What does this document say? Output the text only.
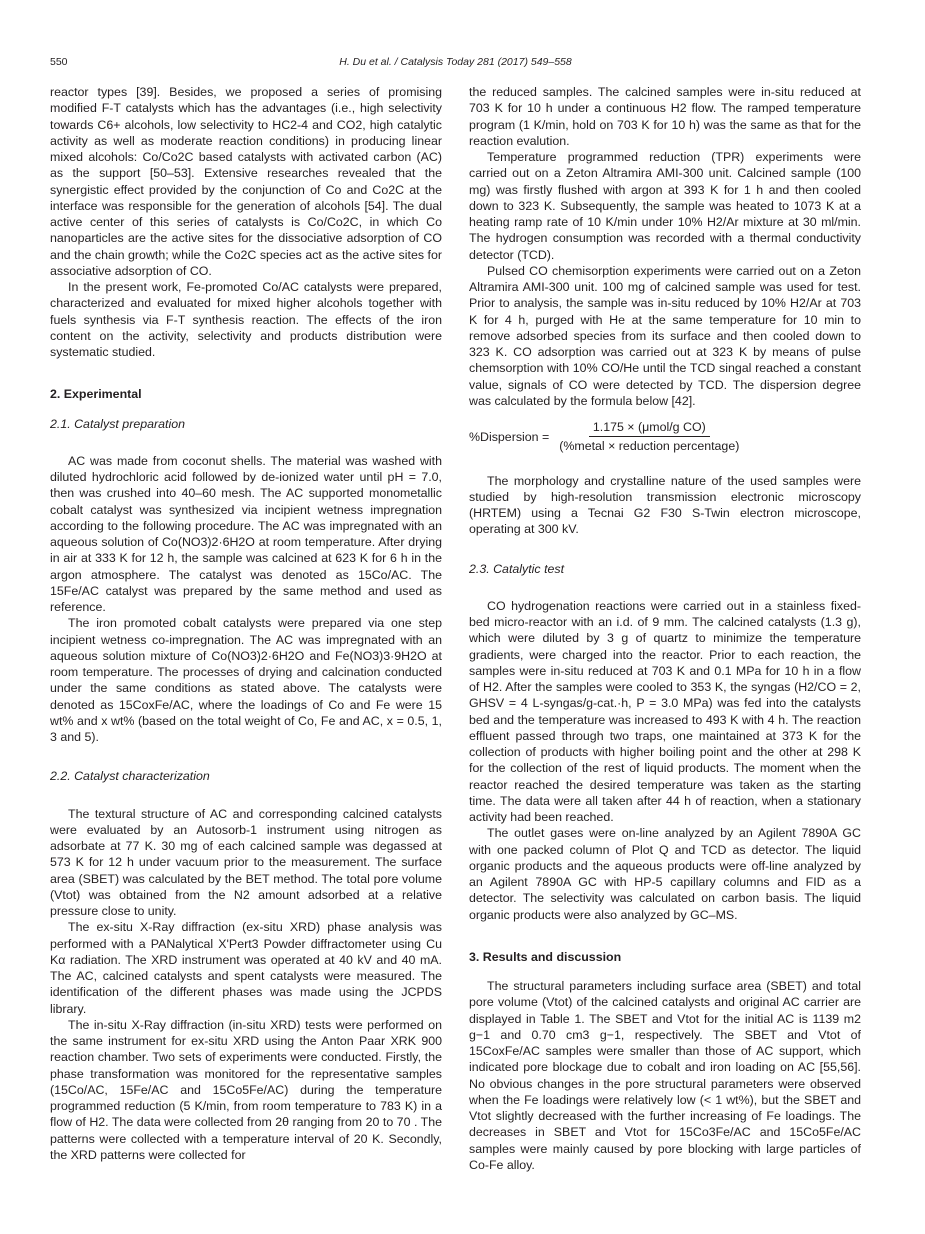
550	H. Du et al. / Catalysis Today 281 (2017) 549–558

reactor types [39]. Besides, we proposed a series of promising modified F-T catalysts which has the advantages (i.e., high selectivity towards C6+ alcohols, low selectivity to HC2-4 and CO2, high catalytic activity as well as moderate reaction conditions) in producing linear mixed alcohols: Co/Co2C based catalysts with activated carbon (AC) as the support [50–53]. Extensive researches revealed that the synergistic effect provided by the conjunction of Co and Co2C at the interface was responsible for the generation of alcohols [54]. The dual active center of this series of catalysts is Co/Co2C, in which Co nanoparticles are the active sites for the dissociative adsorption of CO and the chain growth; while the Co2C species act as the active sites for associative adsorption of CO.

In the present work, Fe-promoted Co/AC catalysts were prepared, characterized and evaluated for mixed higher alcohols together with fuels synthesis via F-T synthesis reaction. The effects of the iron content on the activity, selectivity and products distribution were systematic studied.

2. Experimental
2.1. Catalyst preparation

AC was made from coconut shells. The material was washed with diluted hydrochloric acid followed by de-ionized water until pH = 7.0, then was crushed into 40–60 mesh. The AC supported monometallic cobalt catalyst was synthesized via incipient wetness impregnation according to the following procedure. The AC was impregnated with an aqueous solution of Co(NO3)2·6H2O at room temperature. After drying in air at 333 K for 12 h, the sample was calcined at 623 K for 6 h in the argon atmosphere. The catalyst was denoted as 15Co/AC. The 15Fe/AC catalyst was prepared by the same method and used as reference.

The iron promoted cobalt catalysts were prepared via one step incipient wetness co-impregnation. The AC was impregnated with an aqueous solution mixture of Co(NO3)2·6H2O and Fe(NO3)3·9H2O at room temperature. The processes of drying and calcination conducted under the same conditions as stated above. The catalysts were denoted as 15CoxFe/AC, where the loadings of Co and Fe were 15 wt% and x wt% (based on the total weight of Co, Fe and AC, x = 0.5, 1, 3 and 5).

2.2. Catalyst characterization

The textural structure of AC and corresponding calcined catalysts were evaluated by an Autosorb-1 instrument using nitrogen as adsorbate at 77 K. 30 mg of each calcined sample was degassed at 573 K for 12 h under vacuum prior to the measurement. The surface area (SBET) was calculated by the BET method. The total pore volume (Vtot) was obtained from the N2 amount adsorbed at a relative pressure close to unity.

The ex-situ X-Ray diffraction (ex-situ XRD) phase analysis was performed with a PANalytical X'Pert3 Powder diffractometer using Cu Kα radiation. The XRD instrument was operated at 40 kV and 40 mA. The AC, calcined catalysts and spent catalysts were measured. The identification of the different phases was made using the JCPDS library.

The in-situ X-Ray diffraction (in-situ XRD) tests were performed on the same instrument for ex-situ XRD using the Anton Paar XRK 900 reaction chamber. Two sets of experiments were conducted. Firstly, the phase transformation was monitored for the representative samples (15Co/AC, 15Fe/AC and 15Co5Fe/AC) during the temperature programmed reduction (5 K/min, from room temperature to 783 K) in a flow of H2. The data were collected from 2θ ranging from 20 to 70 . The patterns were collected with a temperature interval of 20 K. Secondly, the XRD patterns were collected for

the reduced samples. The calcined samples were in-situ reduced at 703 K for 10 h under a continuous H2 flow. The ramped temperature program (1 K/min, hold on 703 K for 10 h) was the same as that for the reaction evalution.

Temperature programmed reduction (TPR) experiments were carried out on a Zeton Altramira AMI-300 unit. Calcined sample (100 mg) was firstly flushed with argon at 393 K for 1 h and then cooled down to 323 K. Subsequently, the sample was heated to 1073 K at a heating ramp rate of 10 K/min under 10% H2/Ar mixture at 30 ml/min. The hydrogen consumption was recorded with a thermal conductivity detector (TCD).

Pulsed CO chemisorption experiments were carried out on a Zeton Altramira AMI-300 unit. 100 mg of calcined sample was used for test. Prior to analysis, the sample was in-situ reduced by 10% H2/Ar at 703 K for 4 h, purged with He at the same temperature for 10 min to remove adsorbed species from its surface and then cooled down to 323 K. CO adsorption was carried out at 323 K by means of pulse chemsorption with 10% CO/He until the TCD singal reached a constant value, signals of CO were detected by TCD. The dispersion degree was calculated by the formula below [42].

%Dispersion = $\frac{\text{1.175 × (μmol/g CO)}}{\text{(\%metal × reduction percentage)}}$

The morphology and crystalline nature of the used samples were studied by high-resolution transmission electronic microscopy (HRTEM) using a Tecnai G2 F30 S-Twin electron microscope, operating at 300 kV.

2.3. Catalytic test

CO hydrogenation reactions were carried out in a stainless fixed-bed micro-reactor with an i.d. of 9 mm. The calcined catalysts (1.3 g), which were diluted by 3 g of quartz to minimize the temperature gradients, were charged into the reactor. Prior to each reaction, the samples were in-situ reduced at 703 K and 0.1 MPa for 10 h in a flow of H2. After the samples were cooled to 353 K, the syngas (H2/CO = 2, GHSV = 4 L-syngas/g-cat.·h, P = 3.0 MPa) was fed into the catalysts bed and the temperature was increased to 493 K with 4 h. The reaction effluent passed through two traps, one maintained at 373 K for the collection of products with higher boiling point and the other at 298 K for the collection of the rest of liquid products. The moment when the reactor reached the desired temperature was taken as the starting time. The data were all taken after 44 h of reaction, when a stationary activity had been reached.

The outlet gases were on-line analyzed by an Agilent 7890A GC with one packed column of Plot Q and TCD as detector. The liquid organic products and the aqueous products were off-line analyzed by an Agilent 7890A GC with HP-5 capillary columns and FID as a detector. The selectivity was calculated on carbon basis. The liquid organic products were also analyzed by GC–MS.

3. Results and discussion

The structural parameters including surface area (SBET) and total pore volume (Vtot) of the calcined catalysts and original AC carrier are displayed in Table 1. The SBET and Vtot for the initial AC is 1139 m2 g−1 and 0.70 cm3 g−1, respectively. The SBET and Vtot of 15CoxFe/AC samples were smaller than those of AC support, which indicated pore blockage due to cobalt and iron loading on AC [55,56]. No obvious changes in the pore structural parameters were observed when the Fe loadings were relatively low (< 1 wt%), but the SBET and Vtot slightly decreased with the further increasing of Fe loadings. The decreases in SBET and Vtot for 15Co3Fe/AC and 15Co5Fe/AC samples were mainly caused by pore blocking with large particles of Co-Fe alloy.
